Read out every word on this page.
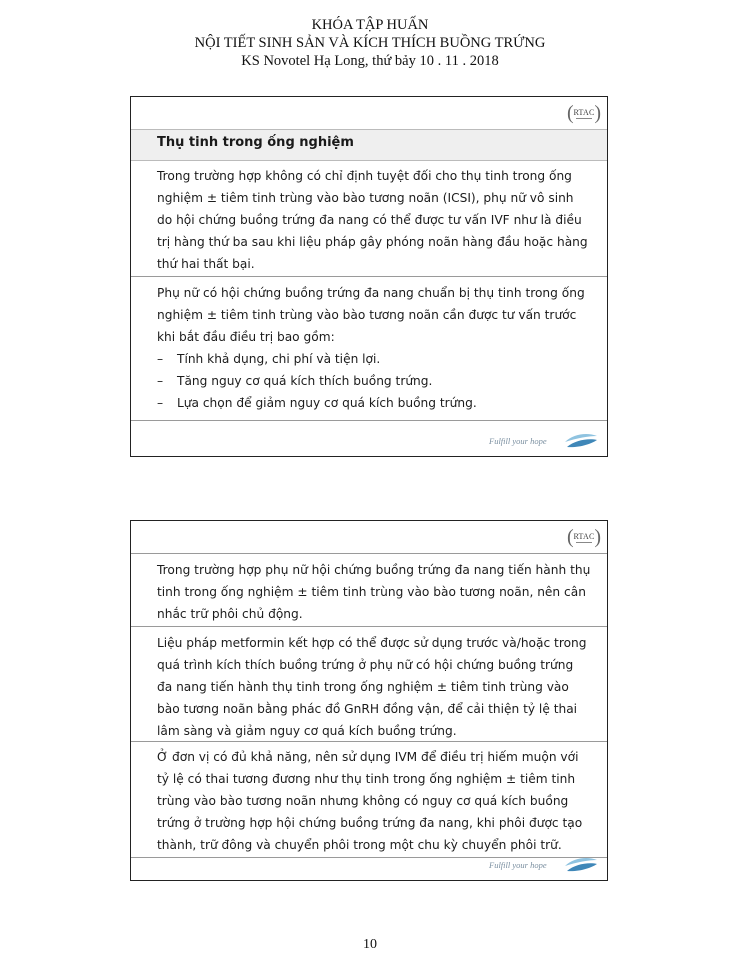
KHÓA TẬP HUẤN
NỘI TIẾT SINH SẢN VÀ KÍCH THÍCH BUỒNG TRỨNG
KS Novotel Hạ Long, thứ bảy 10 . 11 . 2018
( RTAC )
Thụ tinh trong ống nghiệm
Trong trường hợp không có chỉ định tuyệt đối cho thụ tinh trong ống nghiệm ± tiêm tinh trùng vào bào tương noãn (ICSI), phụ nữ vô sinh do hội chứng buồng trứng đa nang có thể được tư vấn IVF như là điều trị hàng thứ ba sau khi liệu pháp gây phóng noãn hàng đầu hoặc hàng thứ hai thất bại.
Phụ nữ có hội chứng buồng trứng đa nang chuẩn bị thụ tinh trong ống nghiệm ± tiêm tinh trùng vào bào tương noãn cần được tư vấn trước khi bắt đầu điều trị bao gồm:
–	Tính khả dụng, chi phí và tiện lợi.
–	Tăng nguy cơ quá kích thích buồng trứng.
–	Lựa chọn để giảm nguy cơ quá kích buồng trứng.
Fulfill your hope
( RTAC )
Trong trường hợp phụ nữ hội chứng buồng trứng đa nang tiến hành thụ tinh trong ống nghiệm ± tiêm tinh trùng vào bào tương noãn, nên cân nhắc trữ phôi chủ động.
Liệu pháp metformin kết hợp có thể được sử dụng trước và/hoặc trong quá trình kích thích buồng trứng ở phụ nữ có hội chứng buồng trứng đa nang tiến hành thụ tinh trong ống nghiệm ± tiêm tinh trùng vào bào tương noãn bằng phác đồ GnRH đồng vận, để cải thiện tỷ lệ thai lâm sàng và giảm nguy cơ quá kích buồng trứng.
Ở đơn vị có đủ khả năng, nên sử dụng IVM để điều trị hiếm muộn với tỷ lệ có thai tương đương như thụ tinh trong ống nghiệm ± tiêm tinh trùng vào bào tương noãn nhưng không có nguy cơ quá kích buồng trứng ở trường hợp hội chứng buồng trứng đa nang, khi phôi được tạo thành, trữ đông và chuyển phôi trong một chu kỳ chuyển phôi trữ.
Fulfill your hope
10
